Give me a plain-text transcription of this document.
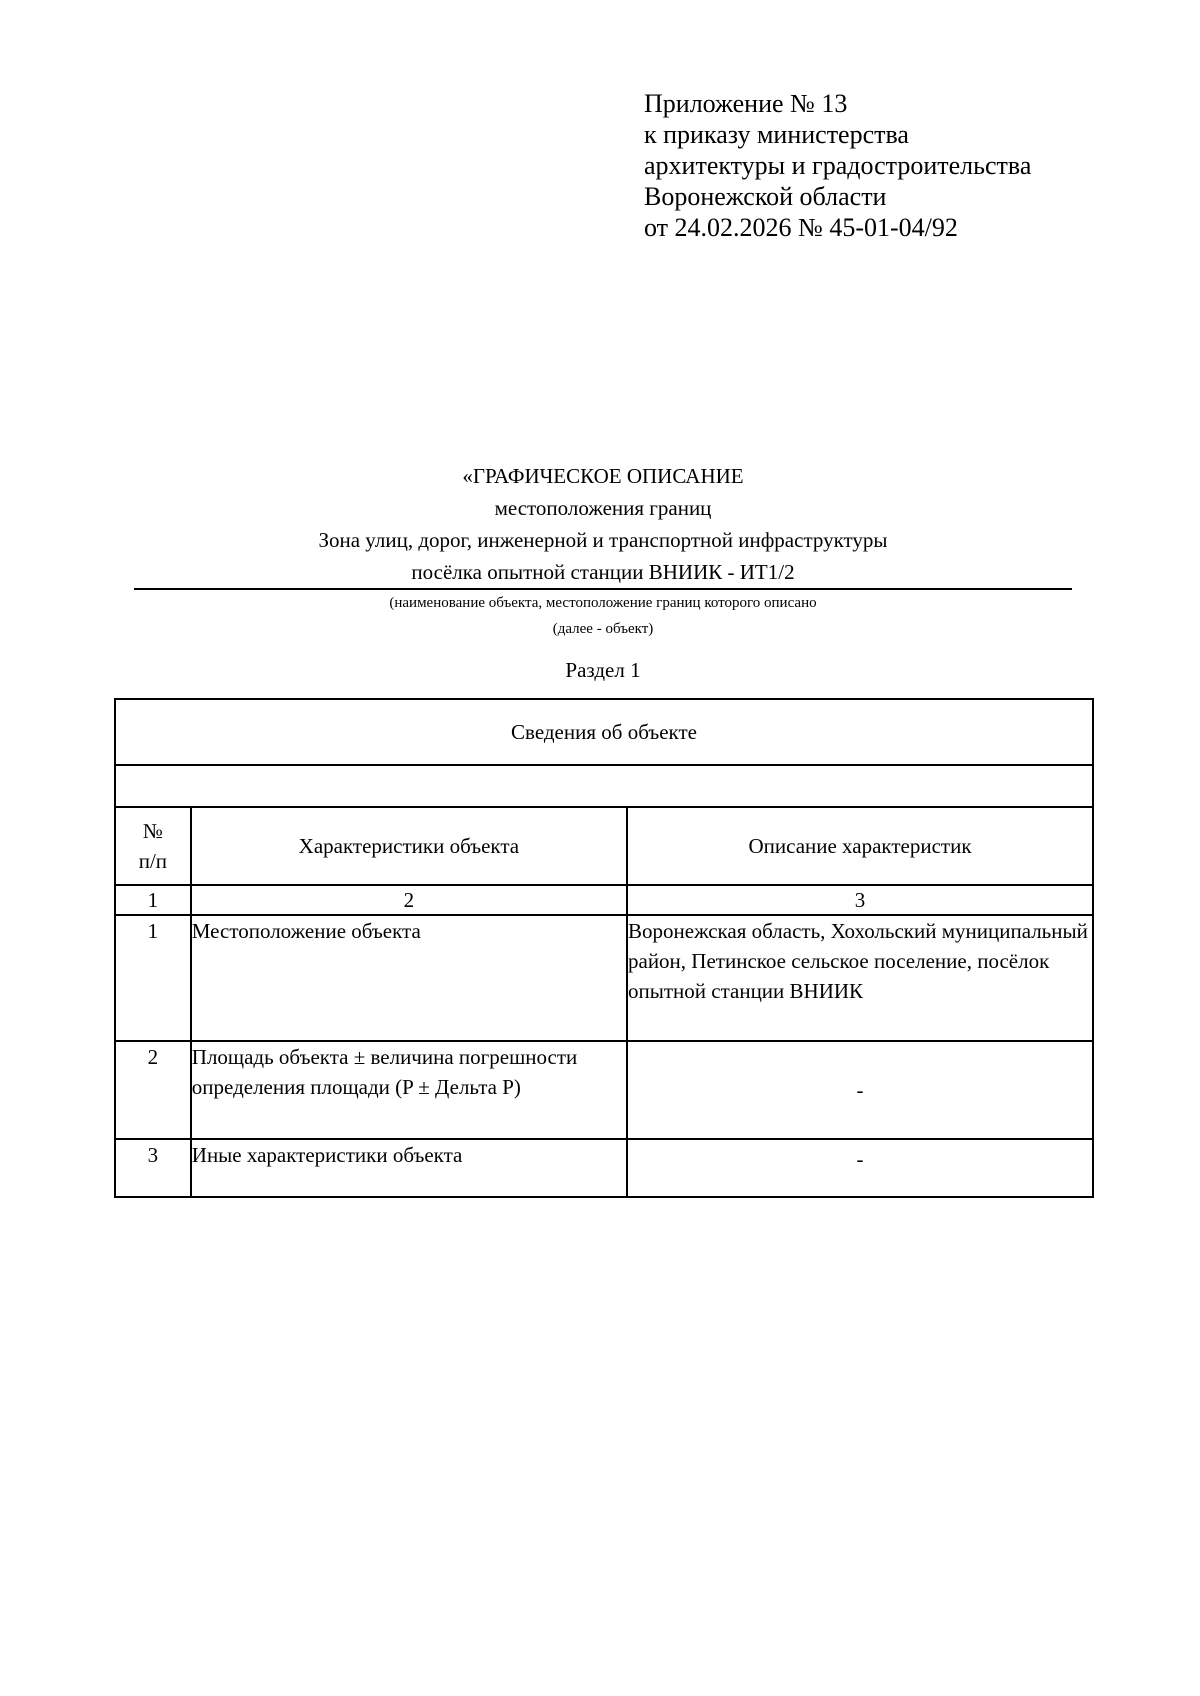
Приложение № 13
к приказу министерства
архитектуры и градостроительства
Воронежской области
от 24.02.2026 № 45-01-04/92
«ГРАФИЧЕСКОЕ ОПИСАНИЕ
местоположения границ
Зона улиц, дорог, инженерной и транспортной инфраструктуры
посёлка опытной станции ВНИИК - ИТ1/2
(наименование объекта, местоположение границ которого описано
(далее - объект)
Раздел 1
Сведения об объекте		

№ п/п	Характеристики объекта	Описание характеристик
1	2	3
1	Местоположение объекта	Воронежская область, Хохольский муниципальный район, Петинское сельское поселение, посёлок опытной станции ВНИИК
2	Площадь объекта ± величина погрешности определения площади (P ± Дельта P)	-
3	Иные характеристики объекта	-
